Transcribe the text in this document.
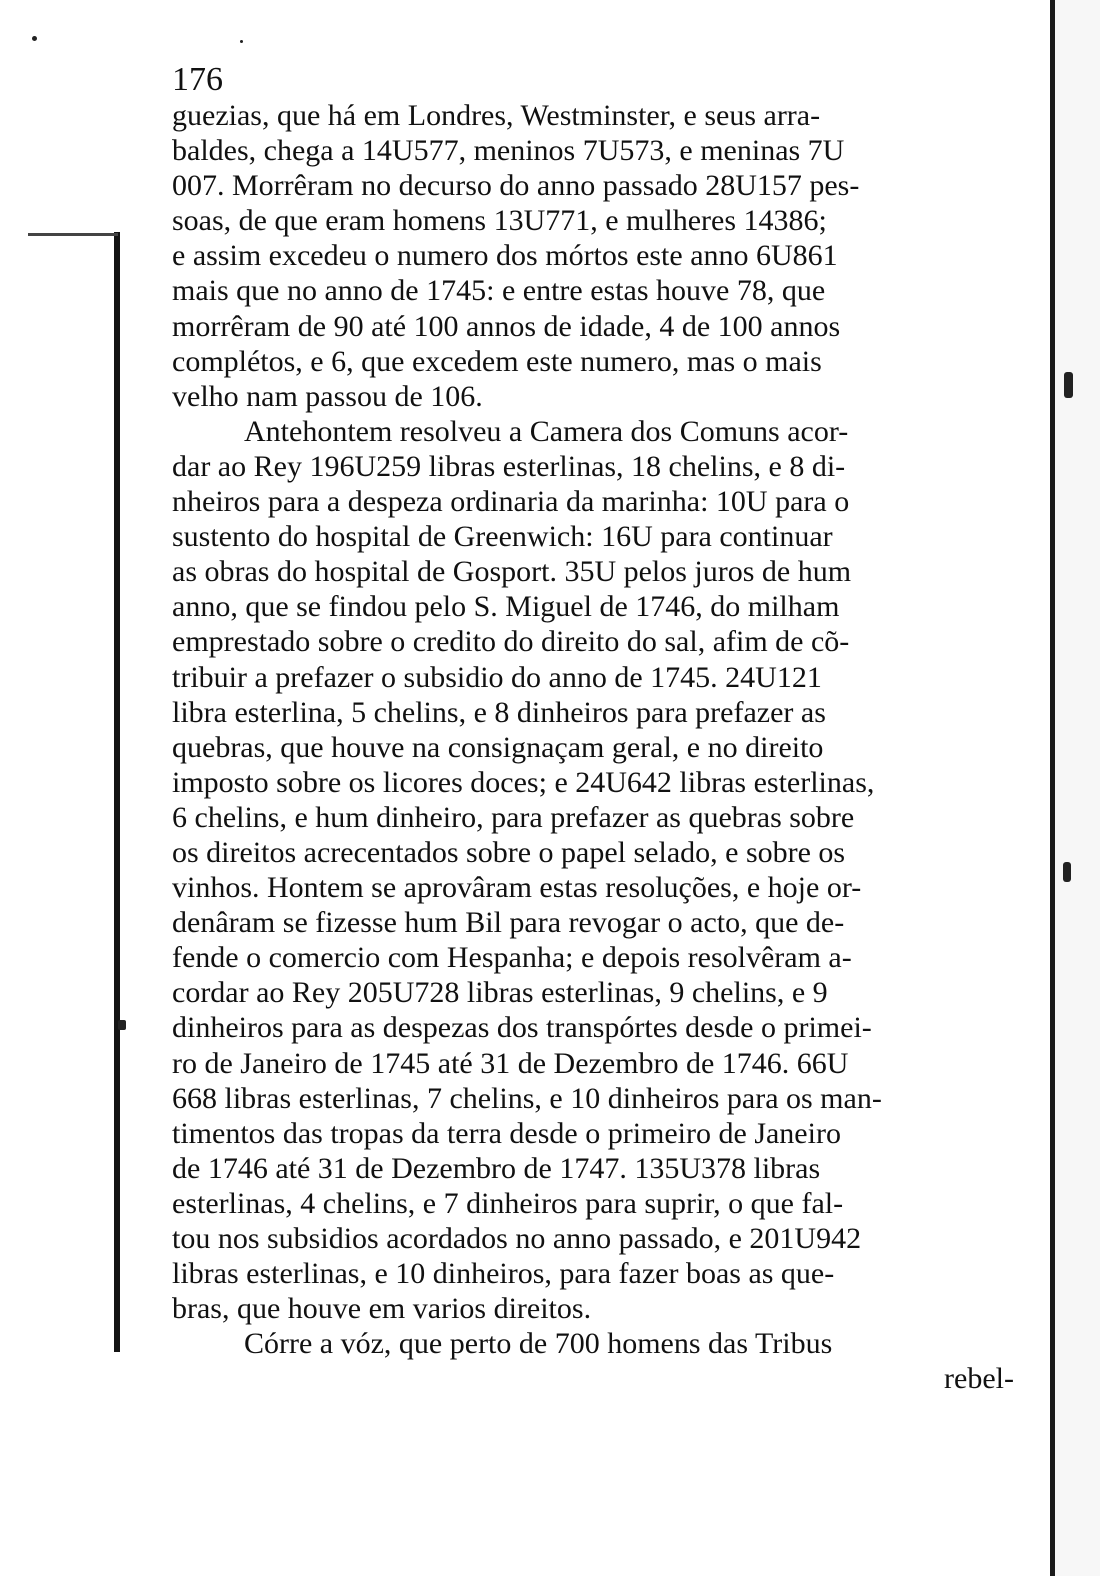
176
guezias, que há em Londres, Westminster, e seus arra-
baldes, chega a 14U577, meninos 7U573, e meninas 7U
007. Morrêram no decurso do anno passado 28U157 pes-
soas, de que eram homens 13U771, e mulheres 14386;
e assim excedeu o numero dos mórtos este anno 6U861
mais que no anno de 1745: e entre estas houve 78, que
morrêram de 90 até 100 annos de idade, 4 de 100 annos
complétos, e 6, que excedem este numero, mas o mais
velho nam passou de 106.
Antehontem resolveu a Camera dos Comuns acor-
dar ao Rey 196U259 libras esterlinas, 18 chelins, e 8 di-
nheiros para a despeza ordinaria da marinha: 10U para o
sustento do hospital de Greenwich: 16U para continuar
as obras do hospital de Gosport. 35U pelos juros de hum
anno, que se findou pelo S. Miguel de 1746, do milham
emprestado sobre o credito do direito do sal, afim de cõ-
tribuir a prefazer o subsidio do anno de 1745. 24U121
libra esterlina, 5 chelins, e 8 dinheiros para prefazer as
quebras, que houve na consignaçam geral, e no direito
imposto sobre os licores doces; e 24U642 libras esterlinas,
6 chelins, e hum dinheiro, para prefazer as quebras sobre
os direitos acrecentados sobre o papel selado, e sobre os
vinhos. Hontem se aprovâram estas resoluções, e hoje or-
denâram se fizesse hum Bil para revogar o acto, que de-
fende o comercio com Hespanha; e depois resolvêram a-
cordar ao Rey 205U728 libras esterlinas, 9 chelins, e 9
dinheiros para as despezas dos transpórtes desde o primei-
ro de Janeiro de 1745 até 31 de Dezembro de 1746. 66U
668 libras esterlinas, 7 chelins, e 10 dinheiros para os man-
timentos das tropas da terra desde o primeiro de Janeiro
de 1746 até 31 de Dezembro de 1747. 135U378 libras
esterlinas, 4 chelins, e 7 dinheiros para suprir, o que fal-
tou nos subsidios acordados no anno passado, e 201U942
libras esterlinas, e 10 dinheiros, para fazer boas as que-
bras, que houve em varios direitos.
Córre a vóz, que perto de 700 homens das Tribus
rebel-
